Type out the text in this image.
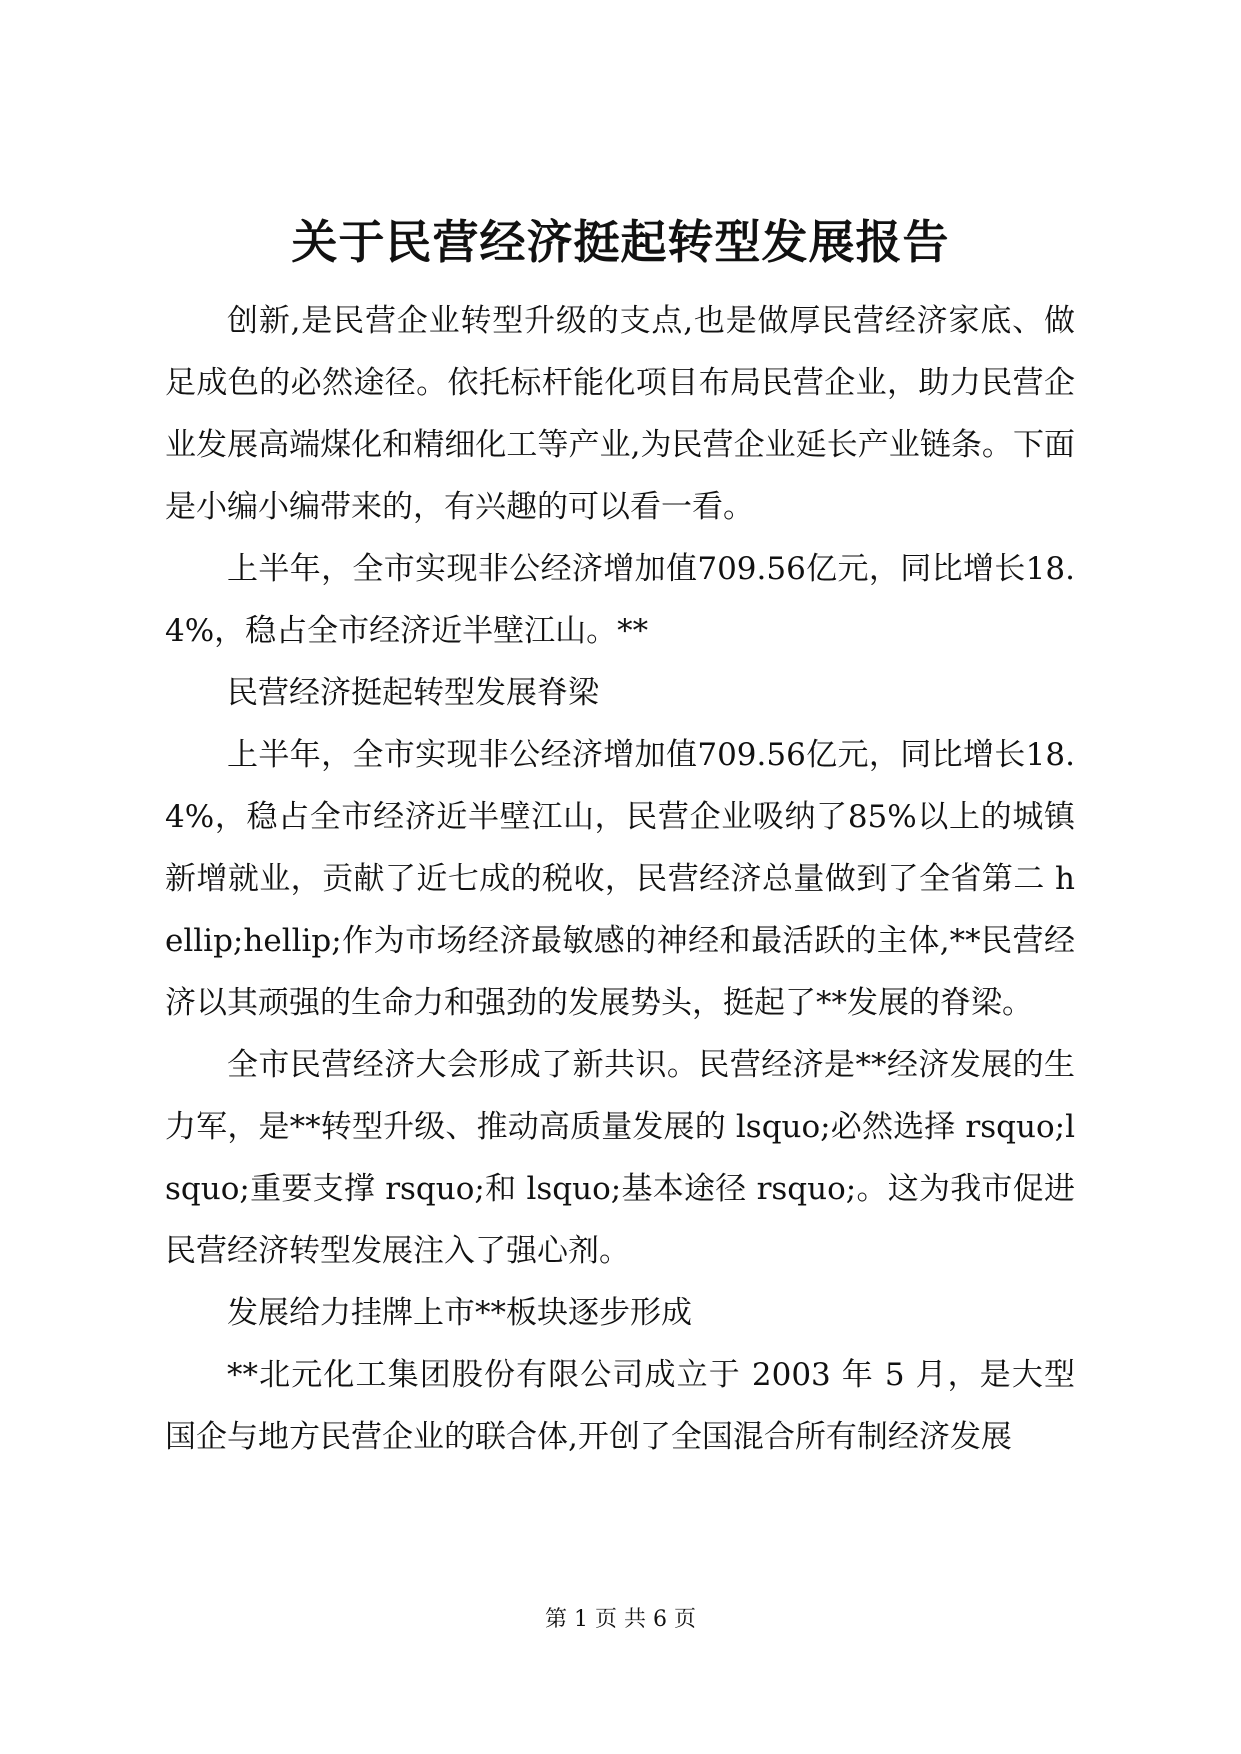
关于民营经济挺起转型发展报告

创新,是民营企业转型升级的支点,也是做厚民营经济家底、做足成色的必然途径。依托标杆能化项目布局民营企业，助力民营企业发展高端煤化和精细化工等产业,为民营企业延长产业链条。下面是小编小编带来的，有兴趣的可以看一看。

上半年，全市实现非公经济增加值709.56亿元，同比增长18.4%，稳占全市经济近半壁江山。**

民营经济挺起转型发展脊梁

上半年，全市实现非公经济增加值709.56亿元，同比增长18.4%，稳占全市经济近半壁江山，民营企业吸纳了85%以上的城镇新增就业，贡献了近七成的税收，民营经济总量做到了全省第二 hellip;hellip;作为市场经济最敏感的神经和最活跃的主体,**民营经济以其顽强的生命力和强劲的发展势头，挺起了**发展的脊梁。

全市民营经济大会形成了新共识。民营经济是**经济发展的生力军，是**转型升级、推动高质量发展的 lsquo;必然选择 rsquo;lsquo;重要支撑 rsquo;和 lsquo;基本途径 rsquo;。这为我市促进民营经济转型发展注入了强心剂。

发展给力挂牌上市**板块逐步形成

**北元化工集团股份有限公司成立于 2003 年 5 月，是大型国企与地方民营企业的联合体,开创了全国混合所有制经济发展

第 1 页 共 6 页
